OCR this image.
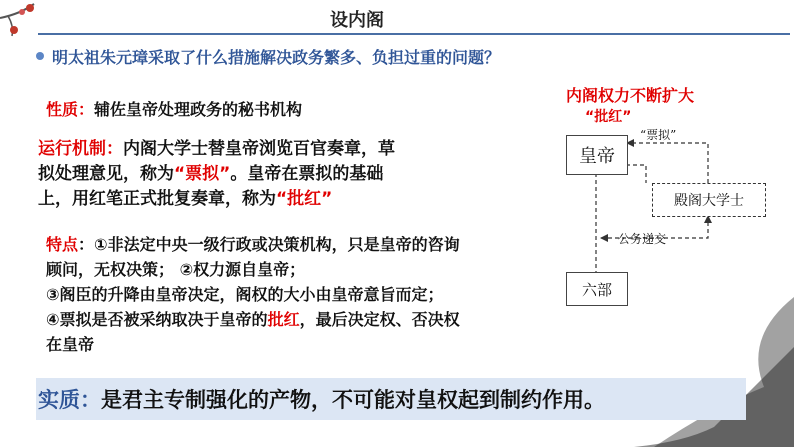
设内阁
明太祖朱元璋采取了什么措施解决政务繁多、负担过重的问题？
性质：辅佐皇帝处理政务的秘书机构
运行机制：内阁大学士替皇帝浏览百官奏章，草
拟处理意见，称为“票拟”。皇帝在票拟的基础
上，用红笔正式批复奏章，称为“批红”
特点：①非法定中央一级行政或决策机构，只是皇帝的咨询
顾问，无权决策； ②权力源自皇帝；
③阁臣的升降由皇帝决定，阁权的大小由皇帝意旨而定；
④票拟是否被采纳取决于皇帝的批红，最后决定权、否决权
在皇帝
实质：是君主专制强化的产物，不可能对皇权起到制约作用。
内阁权力不断扩大
“批红”
皇帝
殿阁大学士
六部
“票拟”
公务递交
